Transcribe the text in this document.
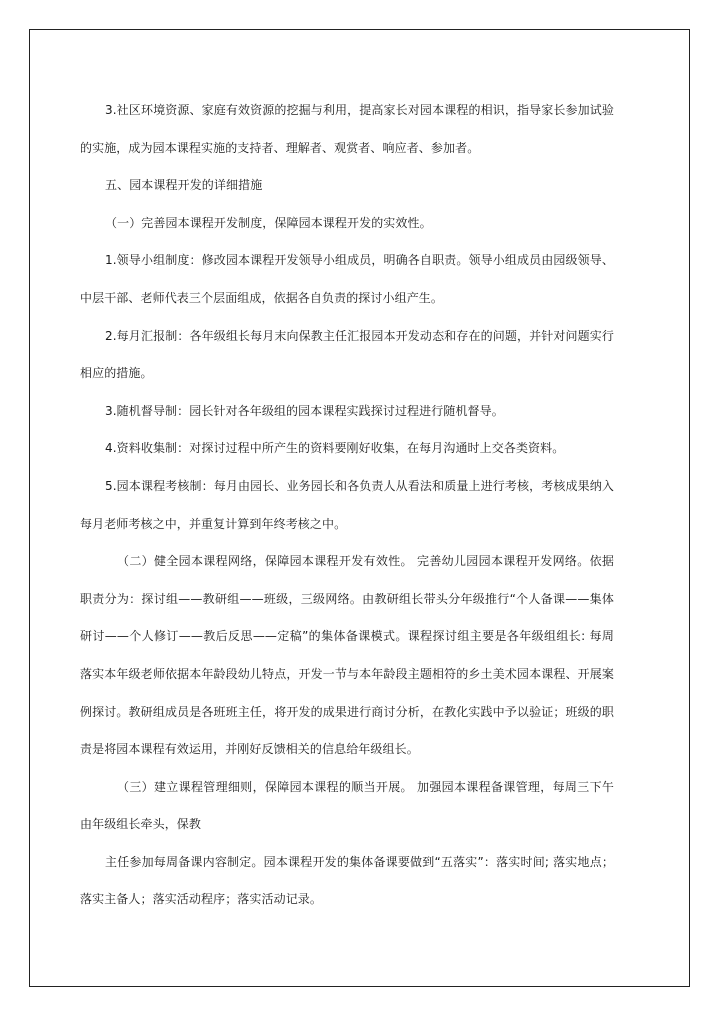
3.社区环境资源、家庭有效资源的挖掘与利用，提高家长对园本课程的相识，指导家长参加试验的实施，成为园本课程实施的支持者、理解者、观赏者、响应者、参加者。

五、园本课程开发的详细措施

（一）完善园本课程开发制度，保障园本课程开发的实效性。

1.领导小组制度：修改园本课程开发领导小组成员，明确各自职责。领导小组成员由园级领导、中层干部、老师代表三个层面组成，依据各自负责的探讨小组产生。

2.每月汇报制：各年级组长每月末向保教主任汇报园本开发动态和存在的问题，并针对问题实行相应的措施。

3.随机督导制：园长针对各年级组的园本课程实践探讨过程进行随机督导。

4.资料收集制：对探讨过程中所产生的资料要刚好收集，在每月沟通时上交各类资料。

5.园本课程考核制：每月由园长、业务园长和各负责人从看法和质量上进行考核，考核成果纳入每月老师考核之中，并重复计算到年终考核之中。

（二）健全园本课程网络，保障园本课程开发有效性。 完善幼儿园园本课程开发网络。依据职责分为：探讨组——教研组——班级，三级网络。由教研组长带头分年级推行“个人备课——集体研讨——个人修订——教后反思——定稿”的集体备课模式。课程探讨组主要是各年级组组长: 每周落实本年级老师依据本年龄段幼儿特点，开发一节与本年龄段主题相符的乡土美术园本课程、开展案例探讨。教研组成员是各班班主任，将开发的成果进行商讨分析，在教化实践中予以验证；班级的职责是将园本课程有效运用，并刚好反馈相关的信息给年级组长。

（三）建立课程管理细则，保障园本课程的顺当开展。 加强园本课程备课管理，每周三下午由年级组长牵头，保教

主任参加每周备课内容制定。园本课程开发的集体备课要做到“五落实”：落实时间; 落实地点；落实主备人；落实活动程序；落实活动记录。
